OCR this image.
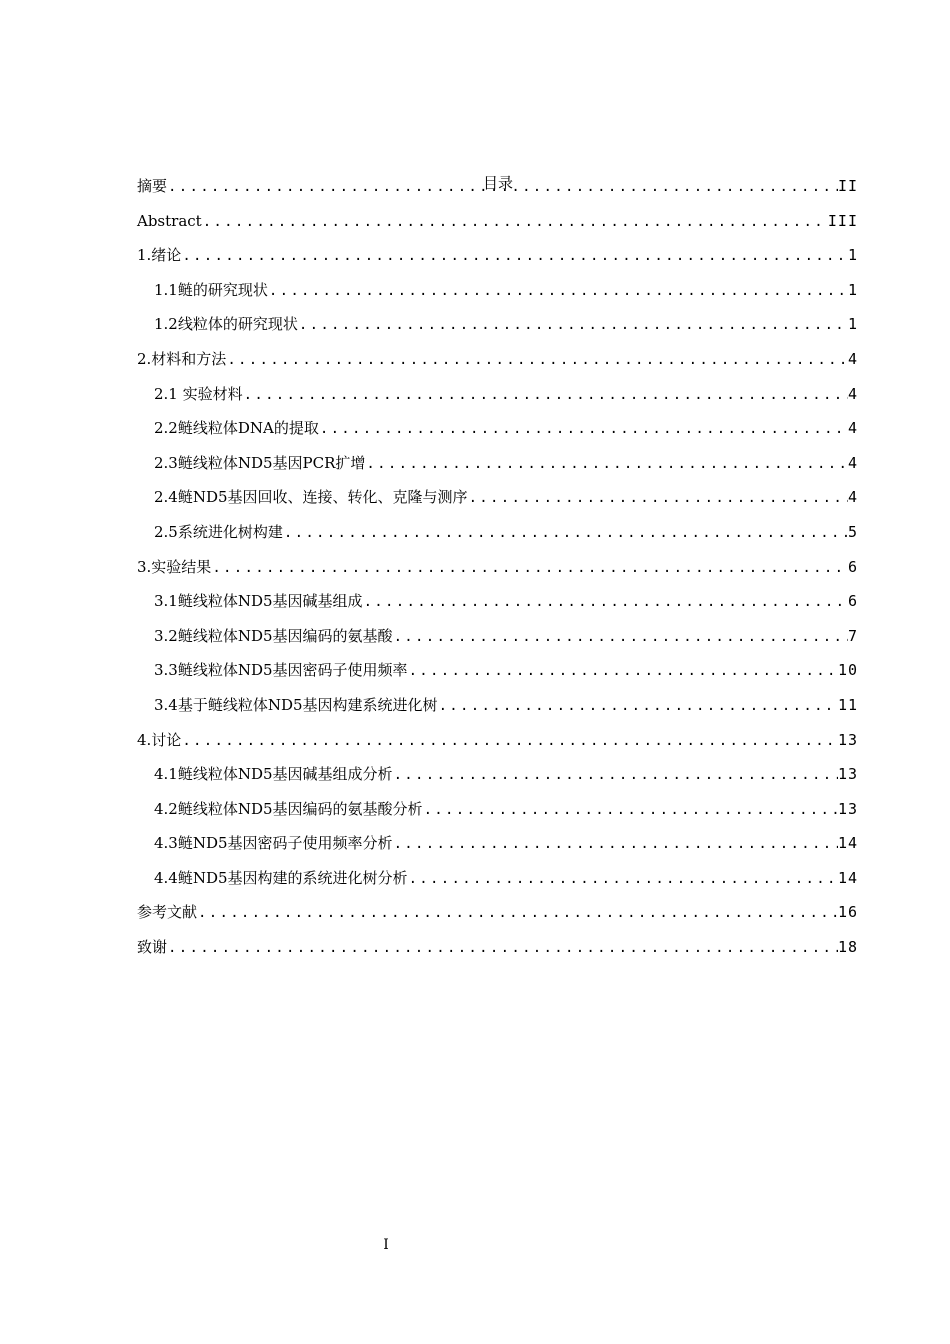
目录
摘要 .....	II
Abstract .....	III
1.绪论 .....	1
1.1鲢的研究现状 .....	1
1.2线粒体的研究现状 .....	1
2.材料和方法 .....	4
2.1 实验材料 .....	4
2.2鲢线粒体DNA的提取 .....	4
2.3鲢线粒体ND5基因PCR扩增 .....	4
2.4鲢ND5基因回收、连接、转化、克隆与测序 .....	4
2.5系统进化树构建 .....	5
3.实验结果 .....	6
3.1鲢线粒体ND5基因碱基组成 .....	6
3.2鲢线粒体ND5基因编码的氨基酸 .....	7
3.3鲢线粒体ND5基因密码子使用频率 .....	10
3.4基于鲢线粒体ND5基因构建系统进化树 .....	11
4.讨论 .....	13
4.1鲢线粒体ND5基因碱基组成分析 .....	13
4.2鲢线粒体ND5基因编码的氨基酸分析 .....	13
4.3鲢ND5基因密码子使用频率分析 .....	14
4.4鲢ND5基因构建的系统进化树分析 .....	14
参考文献 .....	16
致谢 .....	18
I
